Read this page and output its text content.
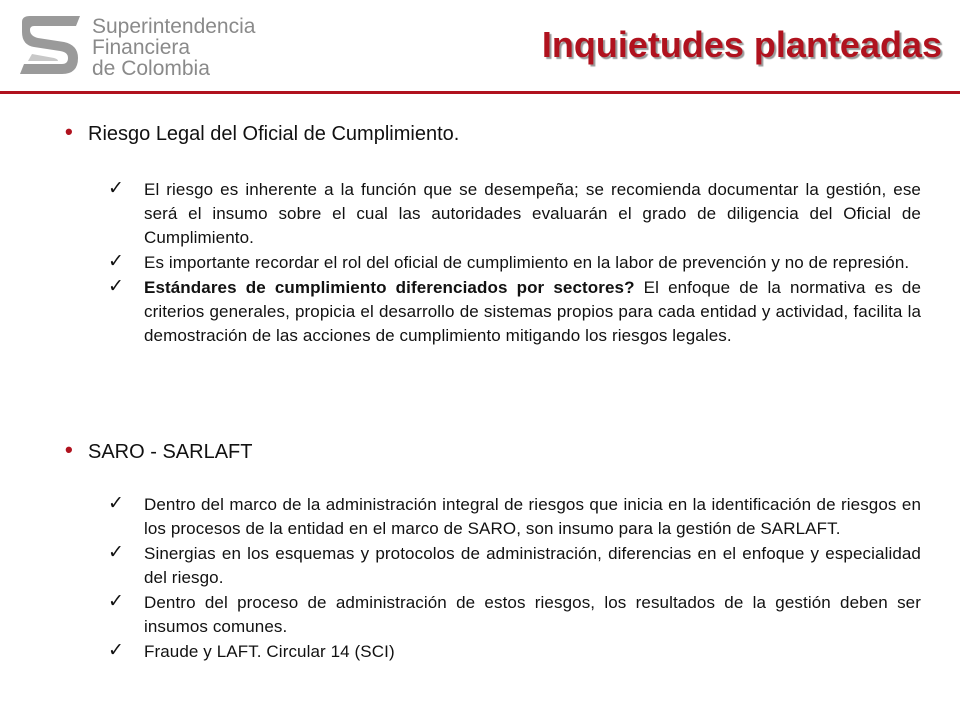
Superintendencia
Financiera
de Colombia
Inquietudes planteadas
• Riesgo Legal del Oficial de Cumplimiento.
✓ El riesgo es inherente a la función que se desempeña; se recomienda documentar la gestión, ese será el insumo sobre el cual las autoridades evaluarán el grado de diligencia del Oficial de Cumplimiento.
✓ Es importante recordar el rol del oficial de cumplimiento en la labor de prevención y no de represión.
✓ Estándares de cumplimiento diferenciados por sectores? El enfoque de la normativa es de criterios generales, propicia el desarrollo de sistemas propios para cada entidad y actividad, facilita la demostración de las acciones de cumplimiento mitigando los riesgos legales.
• SARO - SARLAFT
✓ Dentro del marco de la administración integral de riesgos que inicia en la identificación de riesgos en los procesos de la entidad en el marco de SARO, son insumo para la gestión de SARLAFT.
✓ Sinergias en los esquemas y protocolos de administración, diferencias en el enfoque y especialidad del riesgo.
✓ Dentro del proceso de administración de estos riesgos, los resultados de la gestión deben ser insumos comunes.
✓ Fraude y LAFT. Circular 14 (SCI)
